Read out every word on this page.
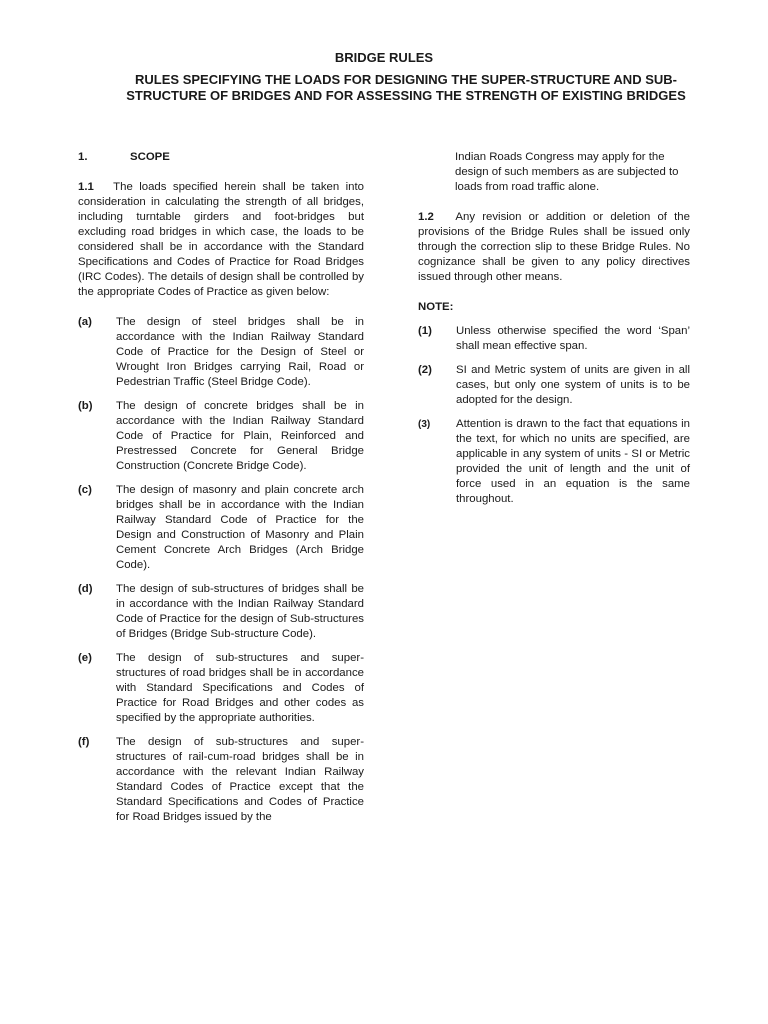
BRIDGE RULES
RULES SPECIFYING THE LOADS FOR DESIGNING THE SUPER-STRUCTURE AND SUB-STRUCTURE OF BRIDGES AND FOR ASSESSING THE STRENGTH OF EXISTING BRIDGES
1.	SCOPE

1.1 The loads specified herein shall be taken into consideration in calculating the strength of all bridges, including turntable girders and foot-bridges but excluding road bridges in which case, the loads to be considered shall be in accordance with the Standard Specifications and Codes of Practice for Road Bridges (IRC Codes). The details of design shall be controlled by the appropriate Codes of Practice as given below:

(a)	The design of steel bridges shall be in accordance with the Indian Railway Standard Code of Practice for the Design of Steel or Wrought Iron Bridges carrying Rail, Road or Pedestrian Traffic (Steel Bridge Code).
(b)	The design of concrete bridges shall be in accordance with the Indian Railway Standard Code of Practice for Plain, Reinforced and Prestressed Concrete for General Bridge Construction (Concrete Bridge Code).
(c)	The design of masonry and plain concrete arch bridges shall be in accordance with the Indian Railway Standard Code of Practice for the Design and Construction of Masonry and Plain Cement Concrete Arch Bridges (Arch Bridge Code).
(d)	The design of sub-structures of bridges shall be in accordance with the Indian Railway Standard Code of Practice for the design of Sub-structures of Bridges (Bridge Sub-structure Code).
(e)	The design of sub-structures and super-structures of road bridges shall be in accordance with Standard Specifications and Codes of Practice for Road Bridges and other codes as specified by the appropriate authorities.
(f)	The design of sub-structures and super-structures of rail-cum-road bridges shall be in accordance with the relevant Indian Railway Standard Codes of Practice except that the Standard Specifications and Codes of Practice for Road Bridges issued by the

Indian Roads Congress may apply for the design of such members as are subjected to loads from road traffic alone.

1.2 Any revision or addition or deletion of the provisions of the Bridge Rules shall be issued only through the correction slip to these Bridge Rules. No cognizance shall be given to any policy directives issued through other means.

NOTE:
(1)	Unless otherwise specified the word ‘Span’ shall mean effective span.
(2)	SI and Metric system of units are given in all cases, but only one system of units is to be adopted for the design.
(3)	Attention is drawn to the fact that equations in the text, for which no units are specified, are applicable in any system of units - SI or Metric provided the unit of length and the unit of force used in an equation is the same throughout.
